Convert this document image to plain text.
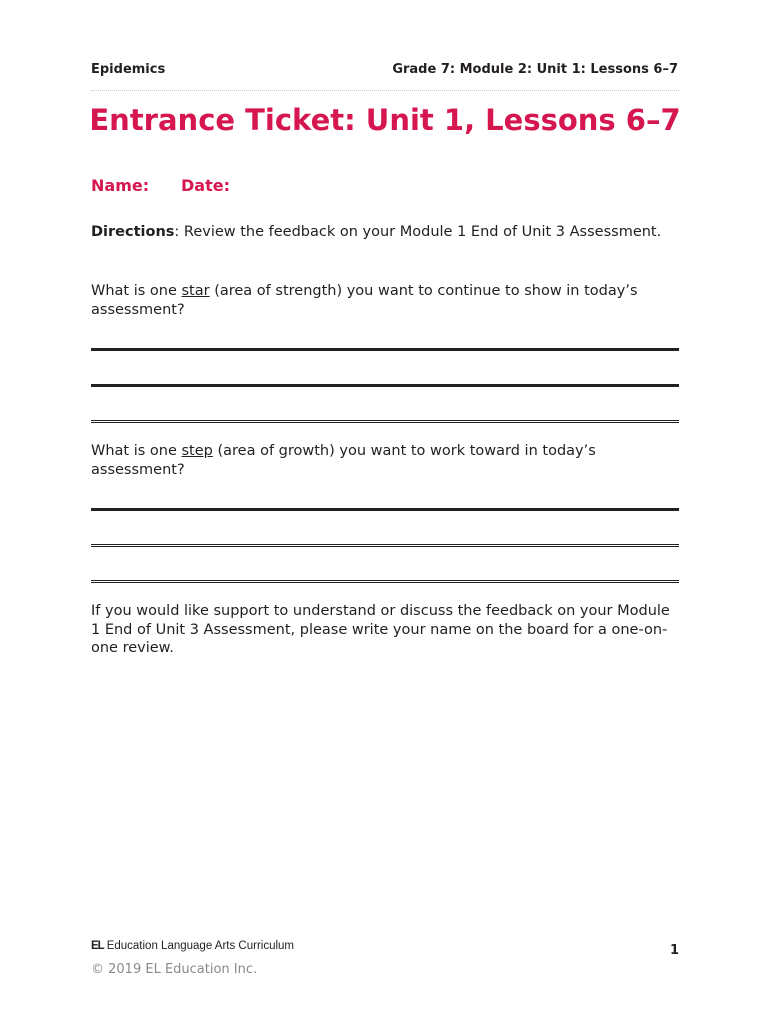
Epidemics	Grade 7: Module 2: Unit 1: Lessons 6–7
Entrance Ticket: Unit 1, Lessons 6–7
Name: Date:
Directions: Review the feedback on your Module 1 End of Unit 3 Assessment.
What is one star (area of strength) you want to continue to show in today’s assessment?
What is one step (area of growth) you want to work toward in today’s assessment?
If you would like support to understand or discuss the feedback on your Module 1 End of Unit 3 Assessment, please write your name on the board for a one-on-one review.
EL Education Language Arts Curriculum	1
© 2019 EL Education Inc.
